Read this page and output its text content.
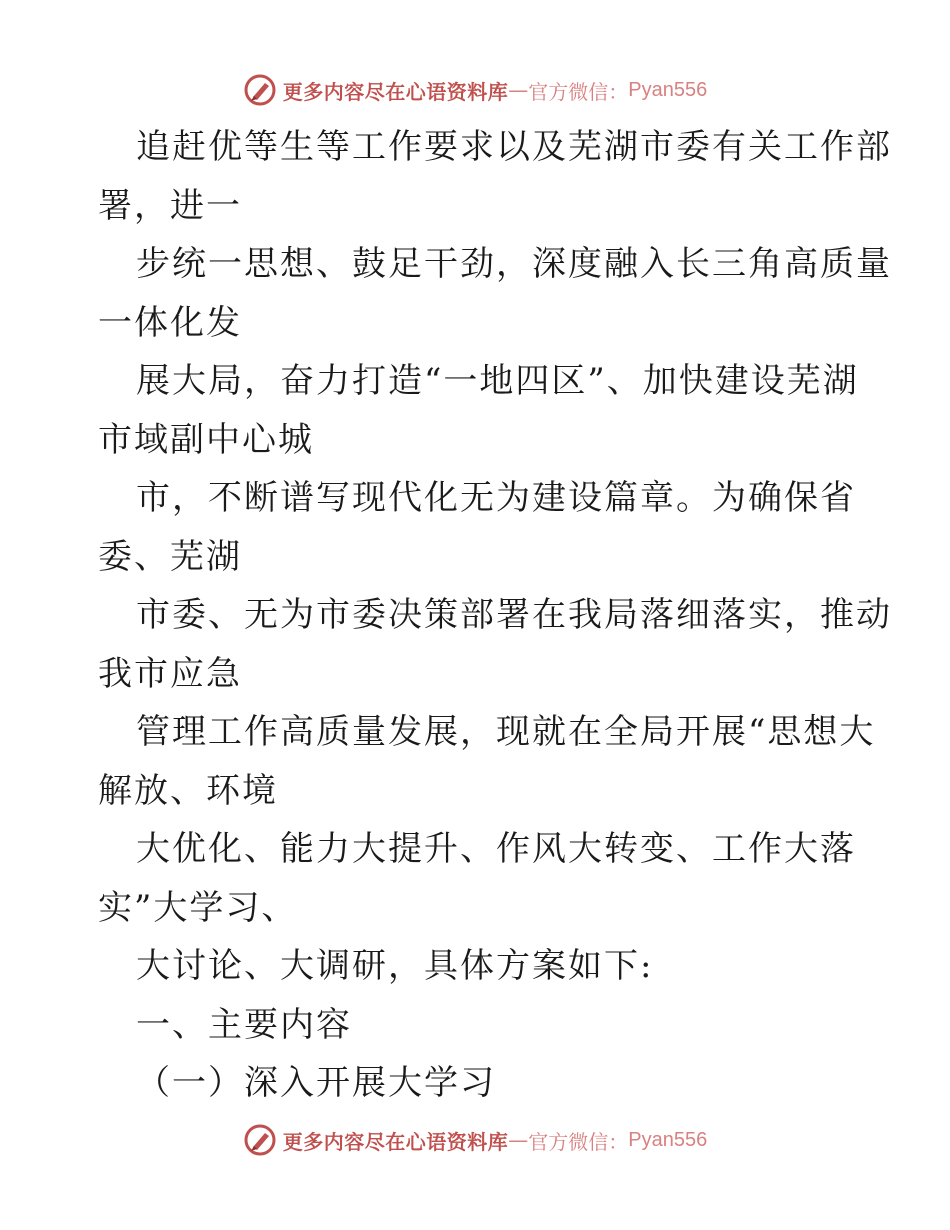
更多内容尽在心语资料库 — 官方微信： Pyan556
追赶优等生等工作要求以及芜湖市委有关工作部
署，进一
步统一思想、鼓足干劲，深度融入长三角高质量
一体化发
展大局，奋力打造“一地四区”、加快建设芜湖
市域副中心城
市，不断谱写现代化无为建设篇章。为确保省
委、芜湖
市委、无为市委决策部署在我局落细落实，推动
我市应急
管理工作高质量发展，现就在全局开展“思想大
解放、环境
大优化、能力大提升、作风大转变、工作大落
实”大学习、
大讨论、大调研，具体方案如下:
一、主要内容
（一）深入开展大学习
更多内容尽在心语资料库 — 官方微信： Pyan556
